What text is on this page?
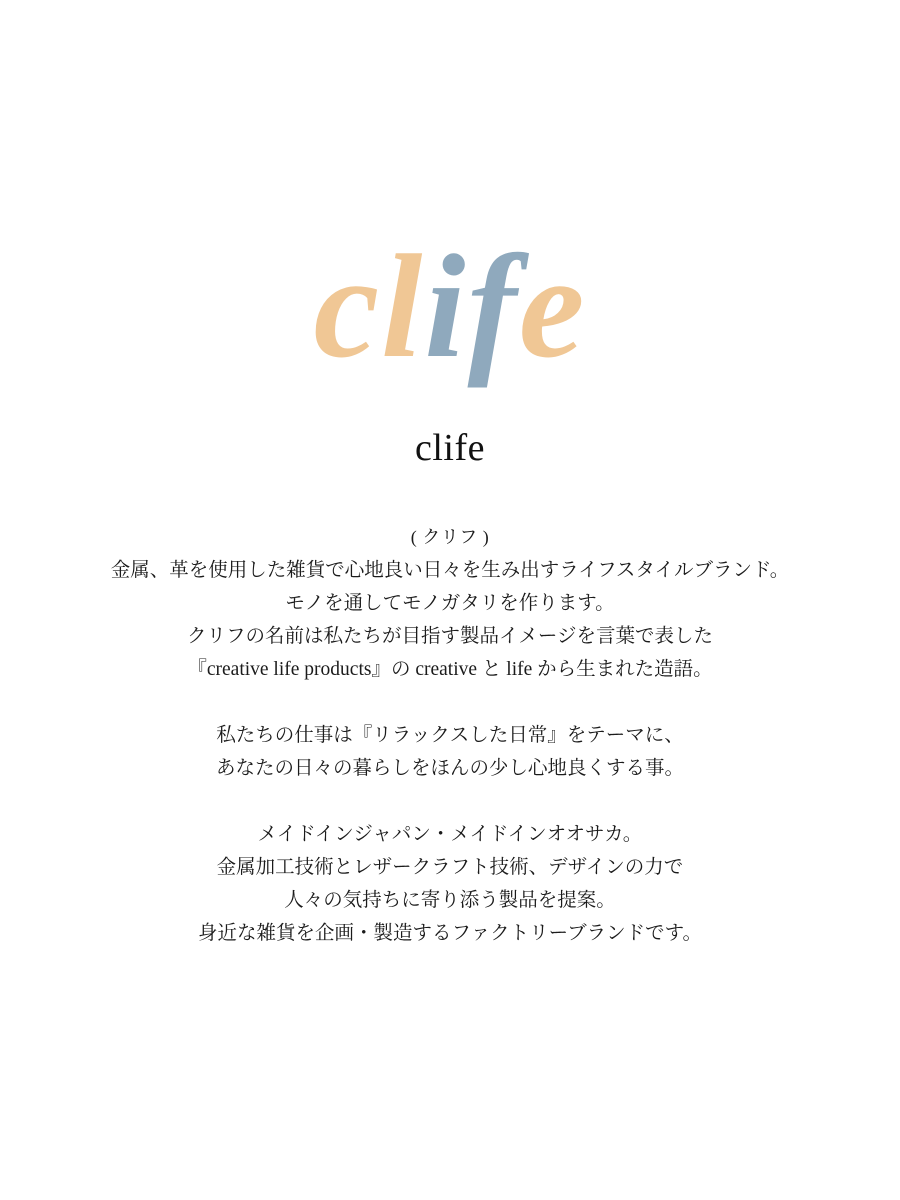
clife
clife

( クリフ )

金属、革を使用した雑貨で心地良い日々を生み出すライフスタイルブランド。

モノを通してモノガタリを作ります。

クリフの名前は私たちが目指す製品イメージを言葉で表した

『creative life products』の creative と life から生まれた造語。

私たちの仕事は『リラックスした日常』をテーマに、

あなたの日々の暮らしをほんの少し心地良くする事。

メイドインジャパン・メイドインオオサカ。

金属加工技術とレザークラフト技術、デザインの力で

人々の気持ちに寄り添う製品を提案。

身近な雑貨を企画・製造するファクトリーブランドです。
